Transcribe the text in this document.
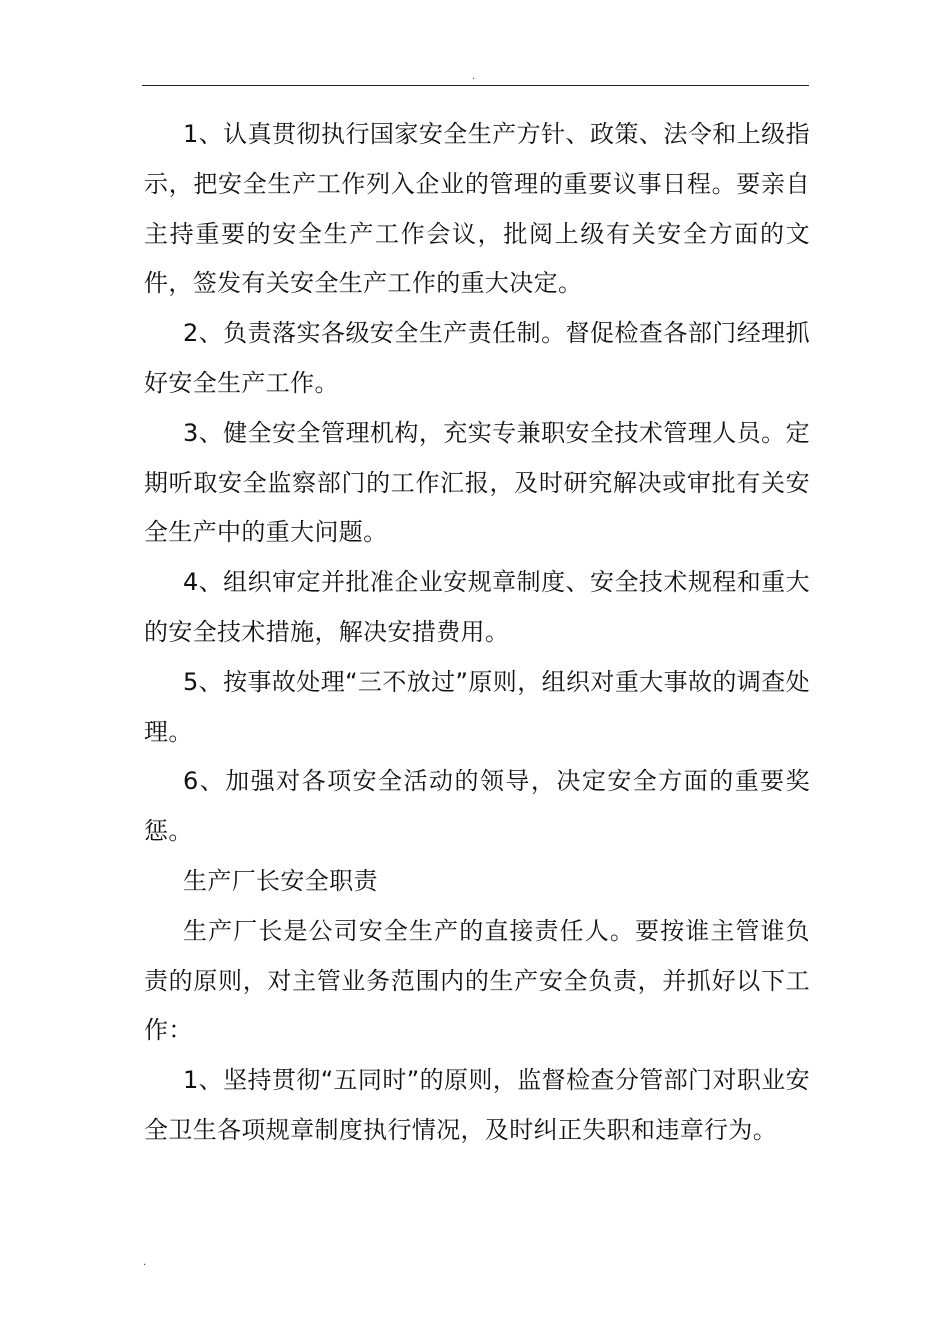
.

1、认真贯彻执行国家安全生产方针、政策、法令和上级指示，把安全生产工作列入企业的管理的重要议事日程。要亲自主持重要的安全生产工作会议，批阅上级有关安全方面的文件，签发有关安全生产工作的重大决定。

2、负责落实各级安全生产责任制。督促检查各部门经理抓好安全生产工作。

3、健全安全管理机构，充实专兼职安全技术管理人员。定期听取安全监察部门的工作汇报，及时研究解决或审批有关安全生产中的重大问题。

4、组织审定并批准企业安规章制度、安全技术规程和重大的安全技术措施，解决安措费用。

5、按事故处理“三不放过”原则，组织对重大事故的调查处理。

6、加强对各项安全活动的领导，决定安全方面的重要奖惩。

生产厂长安全职责

生产厂长是公司安全生产的直接责任人。要按谁主管谁负责的原则，对主管业务范围内的生产安全负责，并抓好以下工作：

1、坚持贯彻“五同时”的原则，监督检查分管部门对职业安全卫生各项规章制度执行情况，及时纠正失职和违章行为。

.
